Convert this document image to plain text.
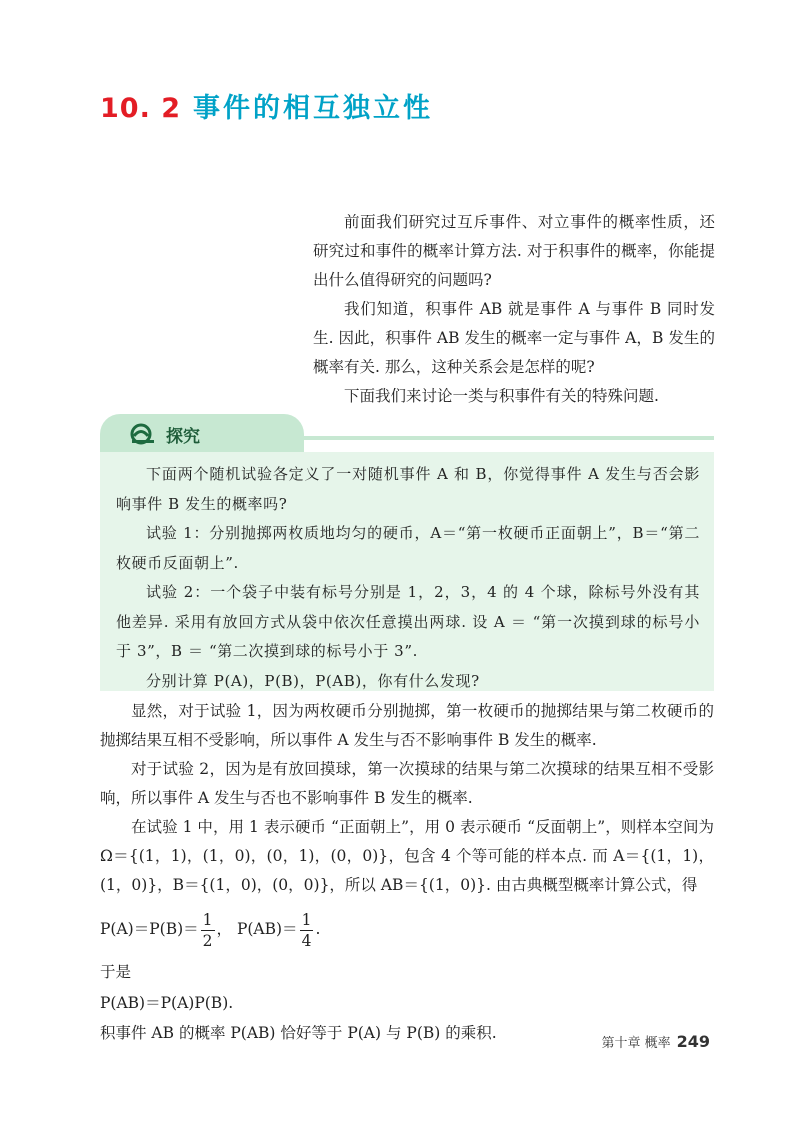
10. 2 事件的相互独立性

前面我们研究过互斥事件、对立事件的概率性质，还研究过和事件的概率计算方法. 对于积事件的概率，你能提出什么值得研究的问题吗?

我们知道，积事件 AB 就是事件 A 与事件 B 同时发生. 因此，积事件 AB 发生的概率一定与事件 A，B 发生的概率有关. 那么，这种关系会是怎样的呢?

下面我们来讨论一类与积事件有关的特殊问题.

探究

下面两个随机试验各定义了一对随机事件 A 和 B，你觉得事件 A 发生与否会影响事件 B 发生的概率吗?

试验 1：分别抛掷两枚质地均匀的硬币，A＝“第一枚硬币正面朝上”，B＝“第二枚硬币反面朝上”.

试验 2：一个袋子中装有标号分别是 1，2，3，4 的 4 个球，除标号外没有其他差异. 采用有放回方式从袋中依次任意摸出两球. 设 A ＝ “第一次摸到球的标号小于 3”，B ＝ “第二次摸到球的标号小于 3”.

分别计算 P(A)，P(B)，P(AB)，你有什么发现?

显然，对于试验 1，因为两枚硬币分别抛掷，第一枚硬币的抛掷结果与第二枚硬币的抛掷结果互相不受影响，所以事件 A 发生与否不影响事件 B 发生的概率.

对于试验 2，因为是有放回摸球，第一次摸球的结果与第二次摸球的结果互相不受影响，所以事件 A 发生与否也不影响事件 B 发生的概率.

在试验 1 中，用 1 表示硬币 “正面朝上”，用 0 表示硬币 “反面朝上”，则样本空间为 Ω＝{(1，1)，(1，0)，(0，1)，(0，0)}，包含 4 个等可能的样本点. 而 A＝{(1，1)，(1，0)}，B＝{(1，0)，(0，0)}，所以 AB＝{(1，0)}. 由古典概型概率计算公式，得

$P(A)=P(B)= \frac{1}{2}$ ， $P(AB)= \frac{1}{4}$ .

于是

P(AB)＝P(A)P(B).

积事件 AB 的概率 P(AB) 恰好等于 P(A) 与 P(B) 的乘积.

第十章 概率 249
